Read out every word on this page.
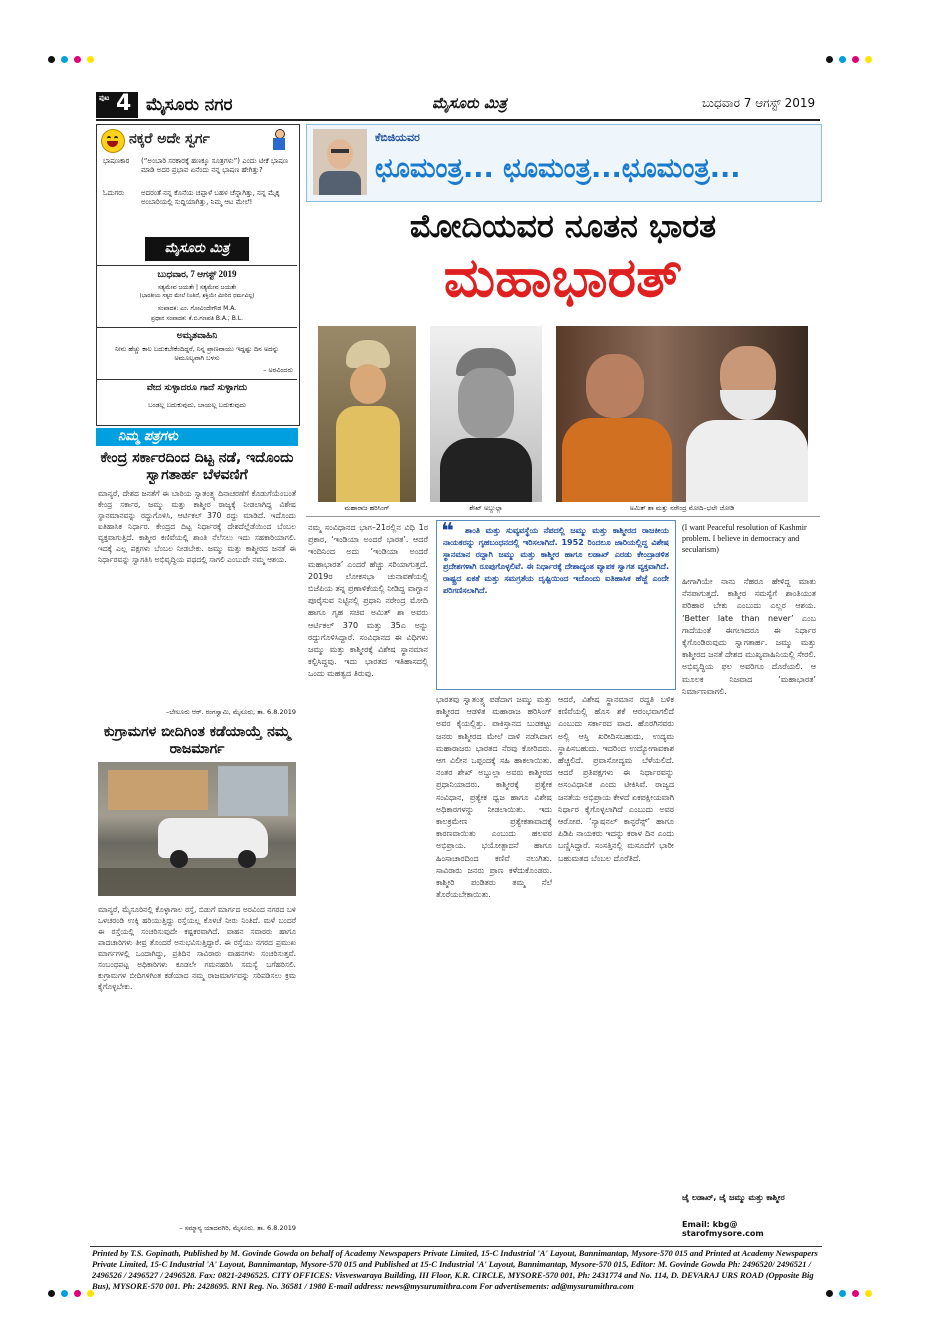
ಪುಟ 4 ಮೈಸೂರು ನಗರ	ಮೈಸೂರು ಮಿತ್ರ	ಬುಧವಾರ 7 ಆಗಸ್ಟ್ 2019
ನಕ್ಕರೆ ಅದೇ ಸ್ವರ್ಗ
ಭಾಷಣಕಾರ (“ಅಂಬಾರಿ ಸರಕಾರಕ್ಕೆ ಹಣಕ್ಕೂ ಸೂತ್ರಗಳು”) ಎಂದು ಟೀಕೆ ಭಾಷಣ ಮಾಡಿ ಅದರ ಪ್ರಭಾವ ಏನೆಂದು ನನ್ನ ಭಾಷಣ ಹೇಗಿತ್ತು?
ಓದುಗರು	ಅದರಂತೆ ನನ್ನ ಕೊನೆಯ ಚಪ್ಪಾಳೆ ಬಹಳ ಚೆನ್ನಾಗಿತ್ತು, ನನ್ನ ಮೈಕ್ಕ ಅಂಬಾರಿಯಲ್ಲಿ ಸುದ್ದಿಯಾಗಿತ್ತು, ನಿಮ್ಮ ಆಟ ಮೇಲೆ!
ಮೈಸೂರು ಮಿತ್ರ
ಬುಧವಾರ, 7 ಆಗಸ್ಟ್ 2019
ಸತ್ಯಮೇವ ಜಯತೇ | ಸತ್ಯಮೇವ ಜಯತೇ
(ಭಾರತೀಯ ಸತ್ಯದ ಮೇಲೆ ನಿಂತಿದೆ, ಶಕ್ತಿಯೇ ಮೀರಿದ ಧರ್ಮವಿಲ್ಲ)
ಸಂಪಾದಕ: ಎಂ. ಗೋವಿಂದೇಗೌಡ M.A.
ಪ್ರಧಾನ ಸಂಪಾದಕ: ಕೆ.ಬಿ.ಗಣಪತಿ B.A.; B.L.
ಅಮೃತವಾಹಿನಿ
ನೀನು ಹೆಚ್ಚು ಕಾಲ ಬದುಕಬೇಕೆಂದಿದ್ದರೆ, ನಿನ್ನ ಪ್ರಾಣವಾಯು ಇದ್ದಷ್ಟು ದಿನ ಅದನ್ನು ಅಮೂಲ್ಯವಾಗಿ ಬಳಸು
– ಅರವಿಂದರು
ವೇದ ಸುಳ್ಳಾದರೂ ಗಾದೆ ಸುಳ್ಳಾಗದು
ಬಂಡಲ್ಲ ಬದುಕುವುದು, ಬಾಯಲ್ಲ ಬದುಕುವುದು
ನಿಮ್ಮ ಪತ್ರಗಳು
ಕೇಂದ್ರ ಸರ್ಕಾರದಿಂದ ದಿಟ್ಟ ನಡೆ, ಇದೊಂದು ಸ್ವಾಗತಾರ್ಹ ಬೆಳವಣಿಗೆ
ಮಾನ್ಯರೆ, ದೇಶದ ಜನತೆಗೆ ಈ ಬಾರಿಯ ಸ್ವಾತಂತ್ರ್ಯ ದಿನಾಚರಣೆಗೆ ಕೊಡುಗೆಯೆಂಬಂತೆ ಕೇಂದ್ರ ಸರ್ಕಾರ, ಜಮ್ಮು ಮತ್ತು ಕಾಶ್ಮೀರ ರಾಜ್ಯಕ್ಕೆ ನೀಡಲಾಗಿದ್ದ ವಿಶೇಷ ಸ್ಥಾನಮಾನವನ್ನು ರದ್ದುಗೊಳಿಸಿ, ಆರ್ಟಿಕಲ್ 370 ರದ್ದು ಮಾಡಿದೆ. ಇದೊಂದು ಐತಿಹಾಸಿಕ ನಿರ್ಧಾರ. ಕೇಂದ್ರದ ದಿಟ್ಟ ನಿರ್ಧಾರಕ್ಕೆ ದೇಶದೆಲ್ಲೆಡೆಯಿಂದ ಬೆಂಬಲ ವ್ಯಕ್ತವಾಗುತ್ತಿದೆ. ಕಾಶ್ಮೀರ ಕಣಿವೆಯಲ್ಲಿ ಶಾಂತಿ ನೆಲೆಸಲು ಇದು ಸಹಕಾರಿಯಾಗಲಿ. ಇದಕ್ಕೆ ಎಲ್ಲ ಪಕ್ಷಗಳು ಬೆಂಬಲ ನೀಡಬೇಕು. ಜಮ್ಮು ಮತ್ತು ಕಾಶ್ಮೀರದ ಜನತೆ ಈ ನಿರ್ಧಾರವನ್ನು ಸ್ವಾಗತಿಸಿ ಅಭಿವೃದ್ಧಿಯ ಪಥದಲ್ಲಿ ಸಾಗಲಿ ಎಂಬುದೇ ನಮ್ಮ ಆಶಯ.
–ಬೇಲೂರು ಆರ್. ರಂಗಸ್ವಾಮಿ, ಮೈಸೂರು, ತಾ. 6.8.2019
ಕುಗ್ರಾಮಗಳ ಬೀದಿಗಿಂತ ಕಡೆಯಾಯ್ತೆ ನಮ್ಮ ರಾಜಮಾರ್ಗ
ಮಾನ್ಯರೆ, ಮೈಸೂರಿನಲ್ಲಿ ಕೊಳ್ಳಾಗಾಲ ರಸ್ತೆ, ಬಿಡುಗೆ ಮಾರ್ಗದ ಅರವಿಂದ ನಗರದ ಬಳಿ ಒಳಚರಂಡಿ ಉಕ್ಕಿ ಹರಿಯುತ್ತಿದ್ದು ರಸ್ತೆಯಲ್ಲ ಕೊಳಚೆ ನೀರು ನಿಂತಿದೆ. ಮಳೆ ಬಂದರೆ ಈ ರಸ್ತೆಯಲ್ಲಿ ಸಂಚರಿಸುವುದೇ ಕಷ್ಟಕರವಾಗಿದೆ. ವಾಹನ ಸವಾರರು ಹಾಗೂ ಪಾದಚಾರಿಗಳು ತೀವ್ರ ತೊಂದರೆ ಅನುಭವಿಸುತ್ತಿದ್ದಾರೆ. ಈ ರಸ್ತೆಯು ನಗರದ ಪ್ರಮುಖ ಮಾರ್ಗಗಳಲ್ಲಿ ಒಂದಾಗಿದ್ದು, ಪ್ರತಿದಿನ ಸಾವಿರಾರು ವಾಹನಗಳು ಸಂಚರಿಸುತ್ತವೆ. ಸಂಬಂಧಪಟ್ಟ ಅಧಿಕಾರಿಗಳು ಕೂಡಲೇ ಗಮನಹರಿಸಿ ಸಮಸ್ಯೆ ಬಗೆಹರಿಸಲಿ. ಕುಗ್ರಾಮಗಳ ಬೀದಿಗಳಿಗಿಂತ ಕಡೆಯಾದ ನಮ್ಮ ರಾಜಮಾರ್ಗವನ್ನು ಸರಿಪಡಿಸಲು ಕ್ರಮ ಕೈಗೊಳ್ಳಬೇಕು.
– ಸಮ್ಮಾನ್ಯ ಯಾದವಗಿರಿ, ಮೈಸೂರು. ತಾ. 6.8.2019
ಕೆಬಿಜಿಯವರ
ಛೂಮಂತ್ರ... ಛೂಮಂತ್ರ...ಛೂಮಂತ್ರ...
ಮೋದಿಯವರ ನೂತನ ಭಾರತ
ಮಹಾಭಾರತ್
ಮಹಾರಾಜ ಹರಿಸಿಂಗ್	ಶೇಖ್ ಅಬ್ದುಲ್ಲಾ	ಅಮಿತ್ ಶಾ ಮತ್ತು ನರೇಂದ್ರ ಮೋದಿ–ಭಲೇ ಜೋಡಿ
ನಮ್ಮ ಸಂವಿಧಾನದ ಭಾಗ–21ರಲ್ಲಿನ ವಿಧಿ 1ರ ಪ್ರಕಾರ, ‘ಇಂಡಿಯಾ ಅಂದರೆ ಭಾರತ’. ಆದರೆ ಇಂದಿನಿಂದ ಅದು ‘ಇಂಡಿಯಾ ಅಂದರೆ ಮಹಾಭಾರತ’ ಎಂದರೆ ಹೆಚ್ಚು ಸರಿಯಾಗುತ್ತದೆ. 2019ರ ಲೋಕಸಭಾ ಚುನಾವಣೆಯಲ್ಲಿ ಬಿಜೆಪಿಯ ತನ್ನ ಪ್ರಣಾಳಿಕೆಯಲ್ಲಿ ನೀಡಿದ್ದ ವಾಗ್ದಾನ ಪೂರೈಸುವ ನಿಟ್ಟಿನಲ್ಲಿ ಪ್ರಧಾನಿ ನರೇಂದ್ರ ಮೋದಿ ಹಾಗೂ ಗೃಹ ಸಚಿವ ಅಮಿತ್ ಶಾ ಅವರು ಆರ್ಟಿಕಲ್ 370 ಮತ್ತು 35ಎ ಅನ್ನು ರದ್ದುಗೊಳಿಸಿದ್ದಾರೆ. ಸಂವಿಧಾನದ ಈ ವಿಧಿಗಳು ಜಮ್ಮು ಮತ್ತು ಕಾಶ್ಮೀರಕ್ಕೆ ವಿಶೇಷ ಸ್ಥಾನಮಾನ ಕಲ್ಪಿಸಿದ್ದವು. ಇದು ಭಾರತದ ಇತಿಹಾಸದಲ್ಲಿ ಒಂದು ಮಹತ್ವದ ತಿರುವು.
❝	ಶಾಂತಿ ಮತ್ತು ಸುವ್ಯವಸ್ಥೆಯ ನೆಪದಲ್ಲಿ ಜಮ್ಮು ಮತ್ತು ಕಾಶ್ಮೀರದ ರಾಜಕೀಯ ನಾಯಕರನ್ನು ಗೃಹಬಂಧನದಲ್ಲಿ ಇರಿಸಲಾಗಿದೆ. 1952 ರಿಂದಲೂ ಜಾರಿಯಲ್ಲಿದ್ದ ವಿಶೇಷ ಸ್ಥಾನಮಾನ ರದ್ದಾಗಿ ಜಮ್ಮು ಮತ್ತು ಕಾಶ್ಮೀರ ಹಾಗೂ ಲಡಾಖ್ ಎರಡು ಕೇಂದ್ರಾಡಳಿತ ಪ್ರದೇಶಗಳಾಗಿ ರೂಪುಗೊಳ್ಳಲಿವೆ. ಈ ನಿರ್ಧಾರಕ್ಕೆ ದೇಶಾದ್ಯಂತ ವ್ಯಾಪಕ ಸ್ವಾಗತ ವ್ಯಕ್ತವಾಗಿದೆ. ರಾಷ್ಟ್ರದ ಏಕತೆ ಮತ್ತು ಸಮಗ್ರತೆಯ ದೃಷ್ಟಿಯಿಂದ ಇದೊಂದು ಐತಿಹಾಸಿಕ ಹೆಜ್ಜೆ ಎಂದೇ ಪರಿಗಣಿಸಲಾಗಿದೆ.
ಭಾರತವು ಸ್ವಾತಂತ್ರ್ಯ ಪಡೆದಾಗ ಜಮ್ಮು ಮತ್ತು ಕಾಶ್ಮೀರದ ಆಡಳಿತ ಮಹಾರಾಜ ಹರಿಸಿಂಗ್ ಅವರ ಕೈಯಲ್ಲಿತ್ತು. ಪಾಕಿಸ್ತಾನದ ಬುಡಕಟ್ಟು ಜನರು ಕಾಶ್ಮೀರದ ಮೇಲೆ ದಾಳಿ ನಡೆಸಿದಾಗ ಮಹಾರಾಜರು ಭಾರತದ ನೆರವು ಕೋರಿದರು. ಆಗ ವಿಲೀನ ಒಪ್ಪಂದಕ್ಕೆ ಸಹಿ ಹಾಕಲಾಯಿತು. ನಂತರ ಶೇಖ್ ಅಬ್ದುಲ್ಲಾ ಅವರು ಕಾಶ್ಮೀರದ ಪ್ರಧಾನಿಯಾದರು. ಕಾಶ್ಮೀರಕ್ಕೆ ಪ್ರತ್ಯೇಕ ಸಂವಿಧಾನ, ಪ್ರತ್ಯೇಕ ಧ್ವಜ ಹಾಗೂ ವಿಶೇಷ ಅಧಿಕಾರಗಳನ್ನು ನೀಡಲಾಯಿತು. ಇದು ಕಾಲಕ್ರಮೇಣ ಪ್ರತ್ಯೇಕತಾವಾದಕ್ಕೆ ಕಾರಣವಾಯಿತು ಎಂಬುದು ಹಲವರ ಅಭಿಪ್ರಾಯ. ಭಯೋತ್ಪಾದನೆ ಹಾಗೂ ಹಿಂಸಾಚಾರದಿಂದ ಕಣಿವೆ ನಲುಗಿತು. ಸಾವಿರಾರು ಜನರು ಪ್ರಾಣ ಕಳೆದುಕೊಂಡರು. ಕಾಶ್ಮೀರಿ ಪಂಡಿತರು ತಮ್ಮ ನೆಲೆ ತೊರೆಯಬೇಕಾಯಿತು.
ಆದರೆ, ವಿಶೇಷ ಸ್ಥಾನಮಾನ ರದ್ದತಿ ಬಳಿಕ ಕಣಿವೆಯಲ್ಲಿ ಹೊಸ ಶಕೆ ಆರಂಭವಾಗಲಿದೆ ಎಂಬುದು ಸರ್ಕಾರದ ವಾದ. ಹೊರಗಿನವರು ಅಲ್ಲಿ ಆಸ್ತಿ ಖರೀದಿಸಬಹುದು, ಉದ್ಯಮ ಸ್ಥಾಪಿಸಬಹುದು. ಇದರಿಂದ ಉದ್ಯೋಗಾವಕಾಶ ಹೆಚ್ಚಲಿದೆ. ಪ್ರವಾಸೋದ್ಯಮ ಬೆಳೆಯಲಿದೆ. ಆದರೆ ಪ್ರತಿಪಕ್ಷಗಳು ಈ ನಿರ್ಧಾರವನ್ನು ಅಸಂವಿಧಾನಿಕ ಎಂದು ಟೀಕಿಸಿವೆ. ರಾಜ್ಯದ ಜನತೆಯ ಅಭಿಪ್ರಾಯ ಕೇಳದೆ ಏಕಪಕ್ಷೀಯವಾಗಿ ನಿರ್ಧಾರ ಕೈಗೊಳ್ಳಲಾಗಿದೆ ಎಂಬುದು ಅವರ ಆರೋಪ. ‘ನ್ಯಾಷನಲ್ ಕಾನ್ಫರೆನ್ಸ್’ ಹಾಗೂ ಪಿಡಿಪಿ ನಾಯಕರು ಇದನ್ನು ಕರಾಳ ದಿನ ಎಂದು ಬಣ್ಣಿಸಿದ್ದಾರೆ. ಸಂಸತ್ತಿನಲ್ಲಿ ಮಸೂದೆಗೆ ಭಾರೀ ಬಹುಮತದ ಬೆಂಬಲ ದೊರೆತಿದೆ.
(I want Peaceful resolution of Kashmir problem. I believe in democracy and secularism)
ಹೀಗಾಗಿಯೇ ನಾನು ನೆಹರೂ ಹೇಳಿದ್ದ ಮಾತು ನೆನಪಾಗುತ್ತದೆ. ಕಾಶ್ಮೀರ ಸಮಸ್ಯೆಗೆ ಶಾಂತಿಯುತ ಪರಿಹಾರ ಬೇಕು ಎಂಬುದು ಎಲ್ಲರ ಆಶಯ. ‘Better late than never’ ಎಂಬ ಗಾದೆಯಂತೆ ಈಗಲಾದರೂ ಈ ನಿರ್ಧಾರ ಕೈಗೊಂಡಿರುವುದು ಸ್ವಾಗತಾರ್ಹ. ಜಮ್ಮು ಮತ್ತು ಕಾಶ್ಮೀರದ ಜನತೆ ದೇಶದ ಮುಖ್ಯವಾಹಿನಿಯಲ್ಲಿ ಸೇರಲಿ. ಅಭಿವೃದ್ಧಿಯ ಫಲ ಅವರಿಗೂ ದೊರೆಯಲಿ. ಆ ಮೂಲಕ ನಿಜವಾದ ‘ಮಹಾಭಾರತ’ ನಿರ್ಮಾಣವಾಗಲಿ.
ಜೈ ಲಡಾಖ್, ಜೈ ಜಮ್ಮು ಮತ್ತು ಕಾಶ್ಮೀರ
Email: kbg@ starofmysore.com
Printed by T.S. Gopinath, Published by M. Govinde Gowda on behalf of Academy Newspapers Private Limited, 15-C Industrial 'A' Layout, Bannimantap, Mysore-570 015 and Printed at Academy Newspapers Private Limited, 15-C Industrial 'A' Layout, Bannimantap, Mysore-570 015 and Published at 15-C Industrial 'A' Layout, Bannimantap, Mysore-570 015, Editor: M. Govinde Gowda Ph: 2496520/ 2496521 / 2496526 / 2496527 / 2496528. Fax: 0821-2496525. CITY OFFICES: Visveswaraya Building, III Floor, K.R. CIRCLE, MYSORE-570 001, Ph: 2431774 and No. 114, D. DEVARAJ URS ROAD (Opposite Big Bus), MYSORE-570 001. Ph: 2428695. RNI Reg. No. 36581 / 1980 E-mail address: news@mysurumithra.com For advertisements: ad@mysurumithra.com
